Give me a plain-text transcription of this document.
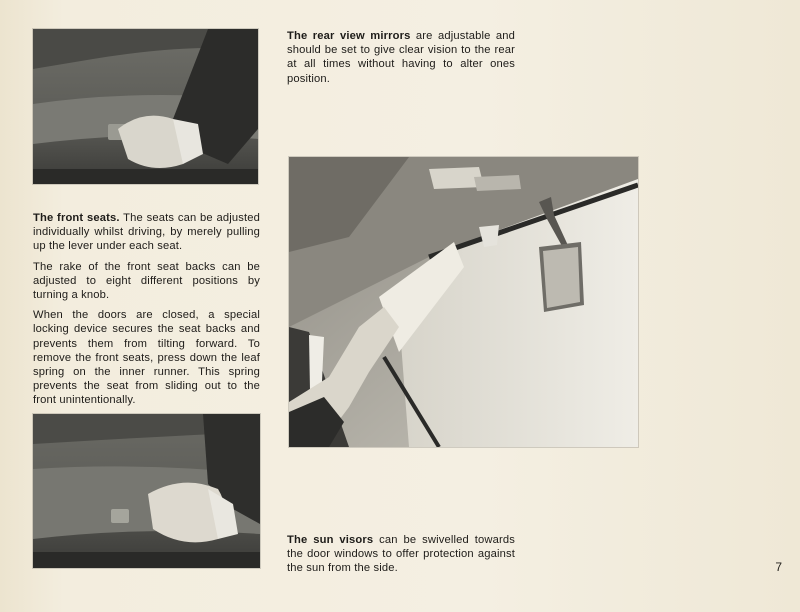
The rear view mirrors are adjustable and should be set to give clear vision to the rear at all times without having to alter ones position.

The front seats. The seats can be adjusted individually whilst driving, by merely pulling up the lever under each seat.

The rake of the front seat backs can be adjusted to eight different positions by turning a knob.

When the doors are closed, a special locking device secures the seat backs and prevents them from tilting forward. To remove the front seats, press down the leaf spring on the inner runner. This spring prevents the seat from sliding out to the front unintentionally.

The sun visors can be swivelled towards the door windows to offer protection against the sun from the side.	7
